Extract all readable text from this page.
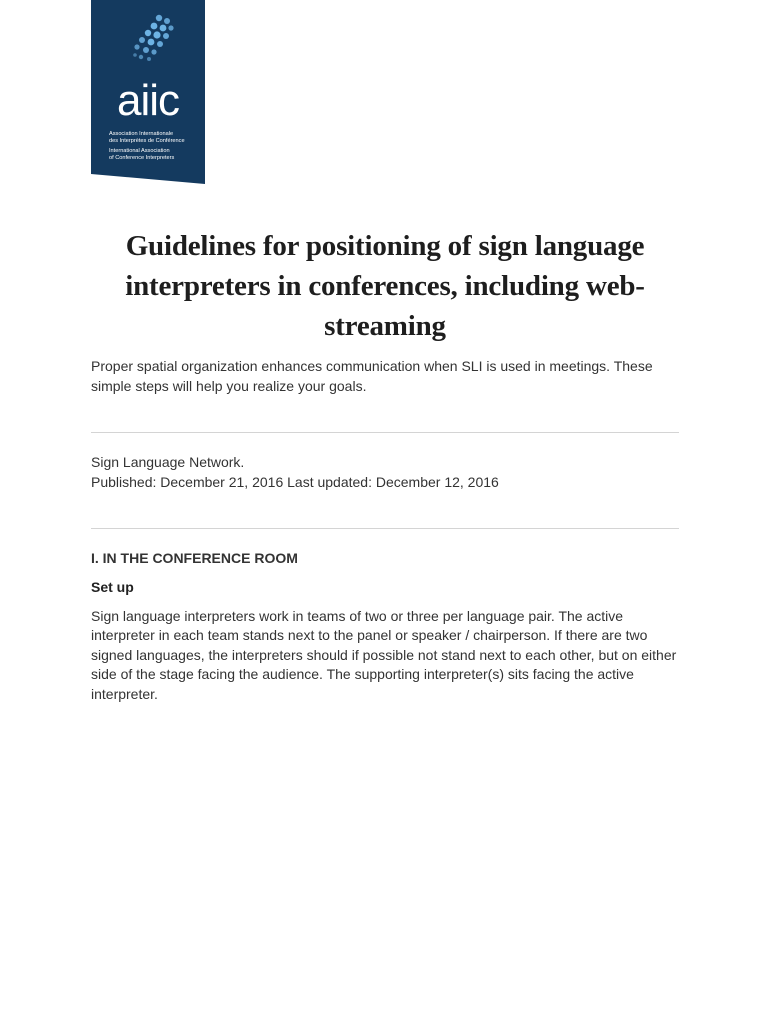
aiic
Association Internationale
des Interprètes de Conférence
International Association
of Conference Interpreters
Guidelines for positioning of sign language interpreters in conferences, including web-streaming

Proper spatial organization enhances communication when SLI is used in meetings. These simple steps will help you realize your goals.

Sign Language Network.
Published: December 21, 2016 Last updated: December 12, 2016
I. IN THE CONFERENCE ROOM
Set up

Sign language interpreters work in teams of two or three per language pair. The active interpreter in each team stands next to the panel or speaker / chairperson. If there are two signed languages, the interpreters should if possible not stand next to each other, but on either side of the stage facing the audience. The supporting interpreter(s) sits facing the active interpreter.
